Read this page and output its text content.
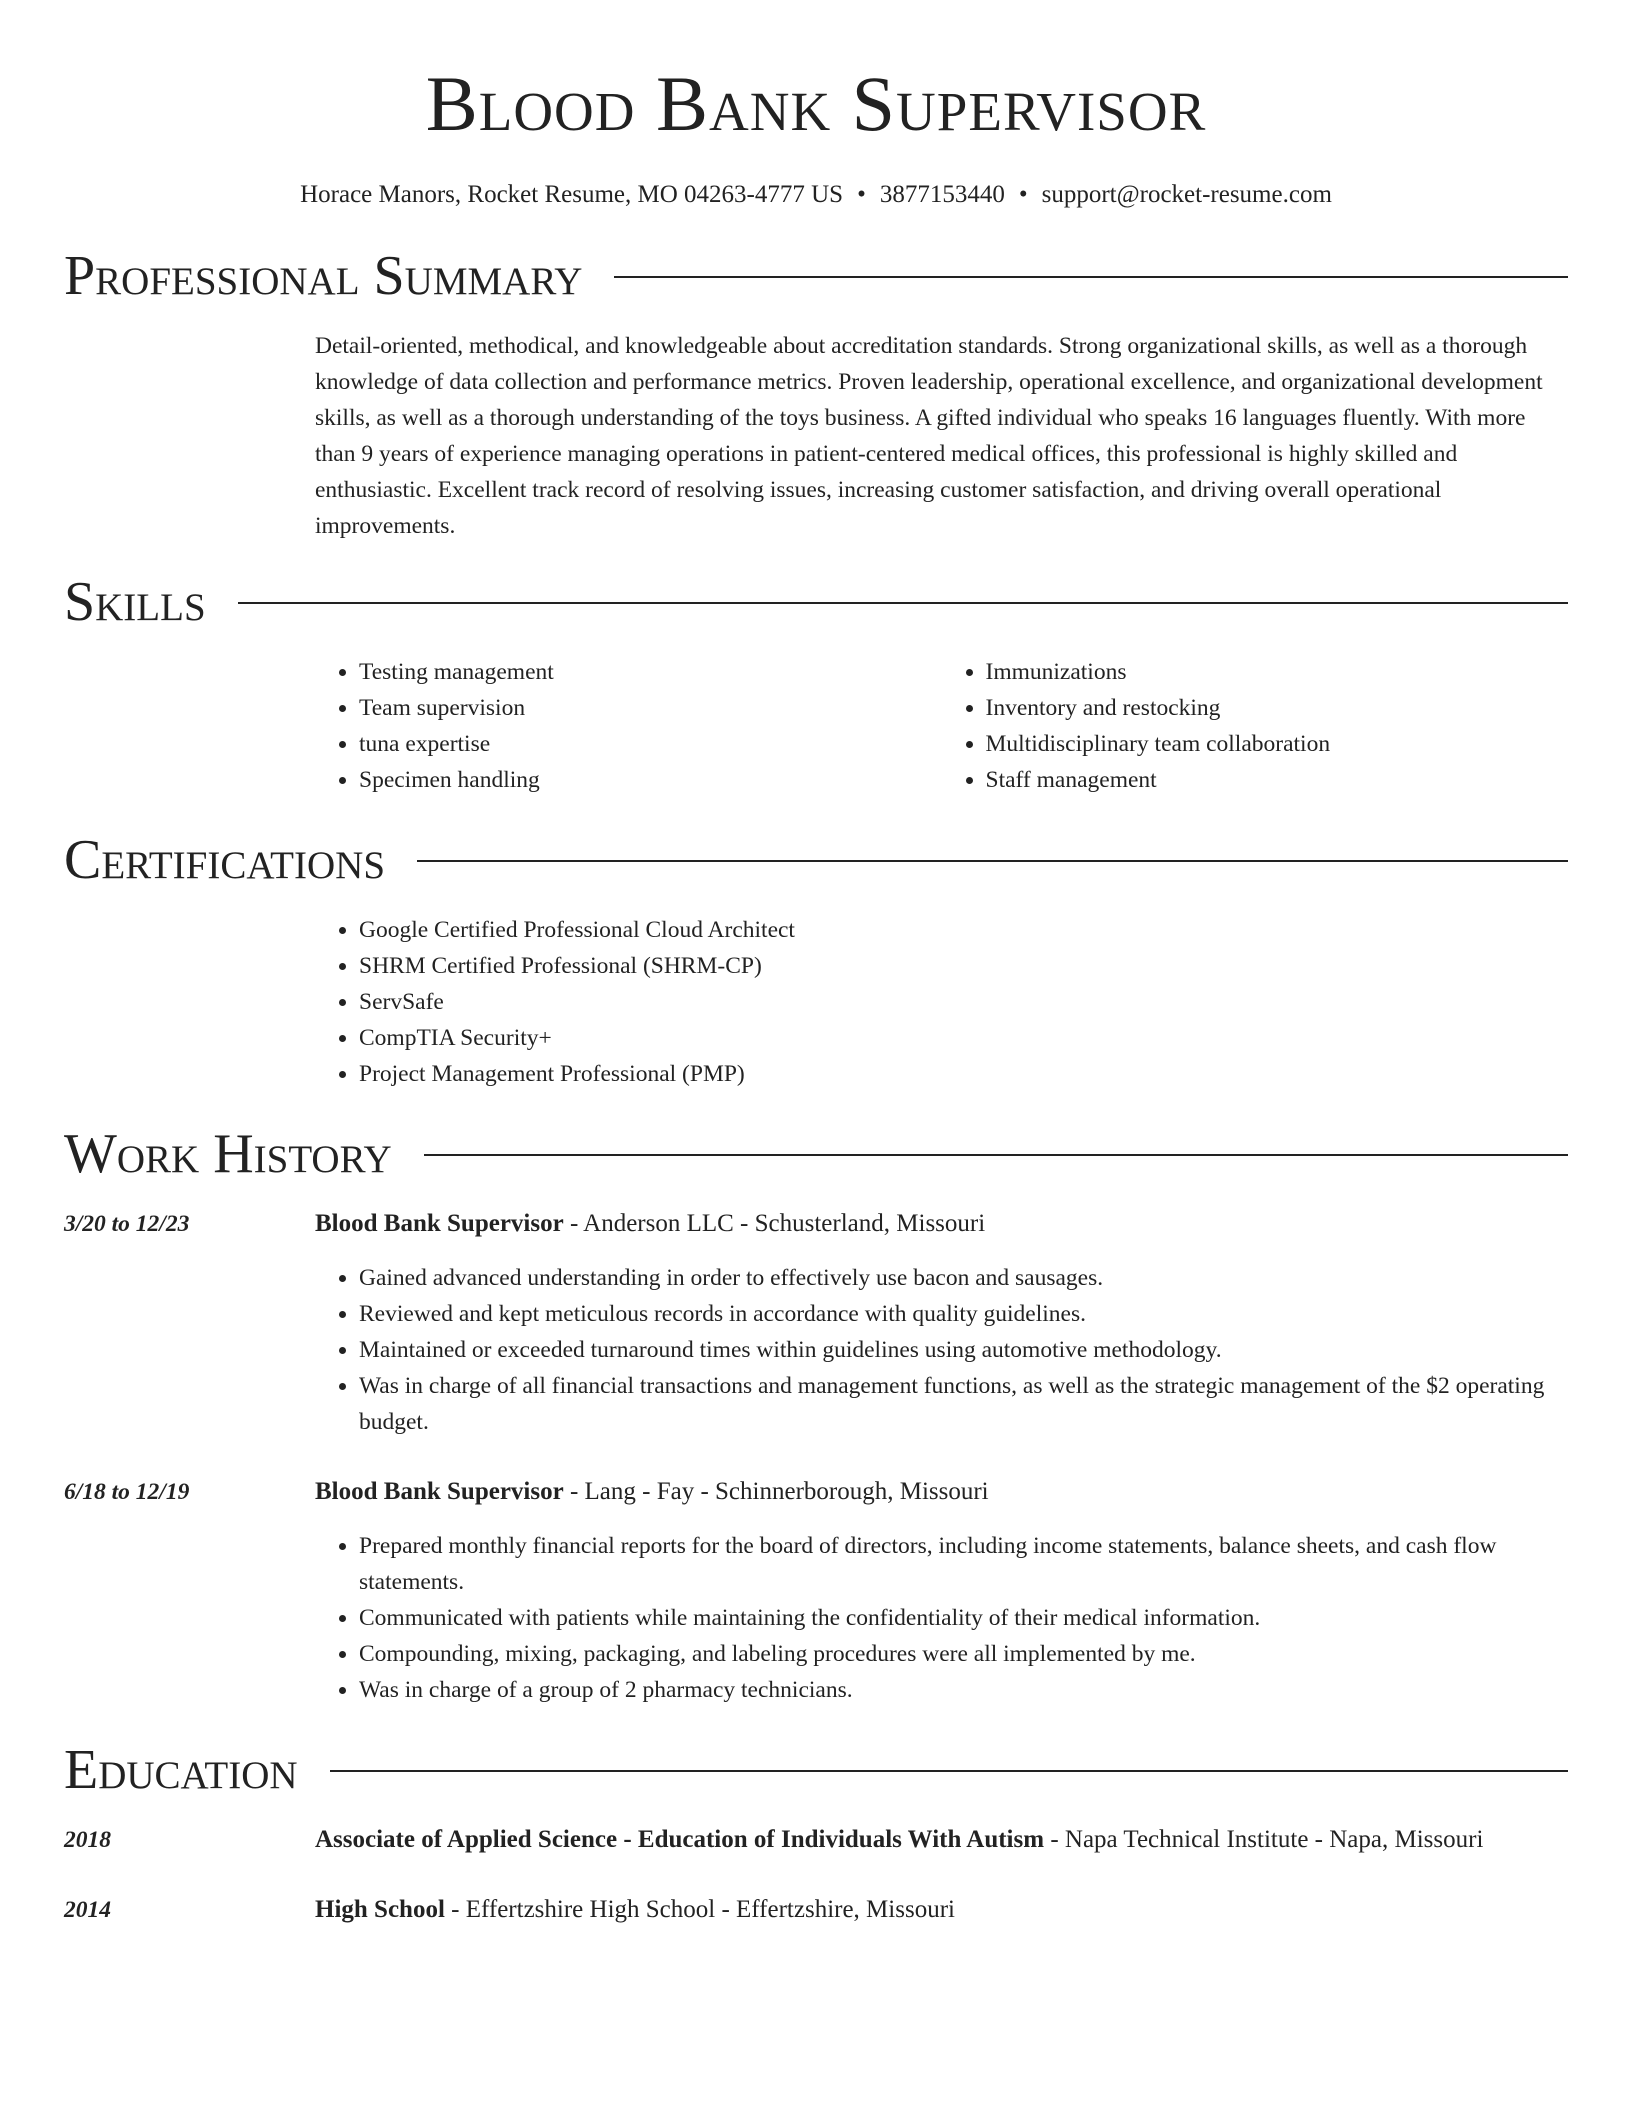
Blood Bank Supervisor
Horace Manors, Rocket Resume, MO 04263-4777 US • 3877153440 • support@rocket-resume.com
Professional Summary
Detail-oriented, methodical, and knowledgeable about accreditation standards. Strong organizational skills, as well as a thorough knowledge of data collection and performance metrics. Proven leadership, operational excellence, and organizational development skills, as well as a thorough understanding of the toys business. A gifted individual who speaks 16 languages fluently. With more than 9 years of experience managing operations in patient-centered medical offices, this professional is highly skilled and enthusiastic. Excellent track record of resolving issues, increasing customer satisfaction, and driving overall operational improvements.
Skills
• Testing management
• Team supervision
• tuna expertise
• Specimen handling
• Immunizations
• Inventory and restocking
• Multidisciplinary team collaboration
• Staff management
Certifications
• Google Certified Professional Cloud Architect
• SHRM Certified Professional (SHRM-CP)
• ServSafe
• CompTIA Security+
• Project Management Professional (PMP)
Work History
3/20 to 12/23	Blood Bank Supervisor - Anderson LLC - Schusterland, Missouri
• Gained advanced understanding in order to effectively use bacon and sausages.
• Reviewed and kept meticulous records in accordance with quality guidelines.
• Maintained or exceeded turnaround times within guidelines using automotive methodology.
• Was in charge of all financial transactions and management functions, as well as the strategic management of the $2 operating budget.
6/18 to 12/19	Blood Bank Supervisor - Lang - Fay - Schinnerborough, Missouri
• Prepared monthly financial reports for the board of directors, including income statements, balance sheets, and cash flow statements.
• Communicated with patients while maintaining the confidentiality of their medical information.
• Compounding, mixing, packaging, and labeling procedures were all implemented by me.
• Was in charge of a group of 2 pharmacy technicians.
Education
2018	Associate of Applied Science - Education of Individuals With Autism - Napa Technical Institute - Napa, Missouri
2014	High School - Effertzshire High School - Effertzshire, Missouri
